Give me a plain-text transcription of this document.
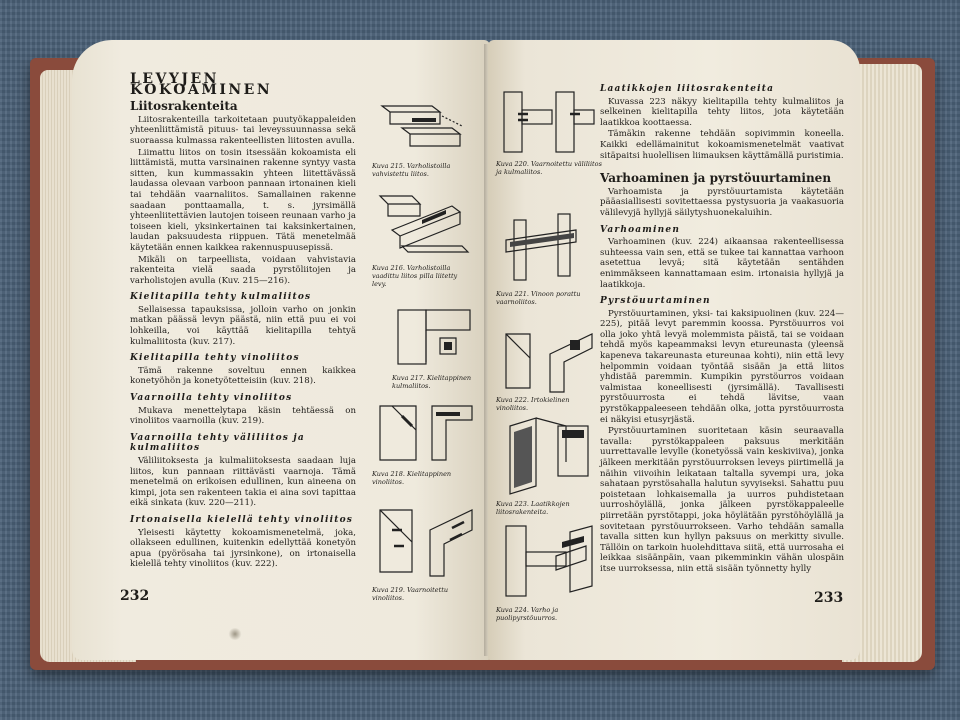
LEVYJEN KOKOAMINEN
Liitosrakenteita

Liitosrakenteilla tarkoitetaan puutyökappaleiden yhteenliittämistä pituus- tai leveyssuunnassa sekä suoraassa kulmassa rakenteellisten liitosten avulla.

Liimattu liitos on tosin itsessään kokoamista eli liittämistä, mutta varsinainen rakenne syntyy vasta sitten, kun kummassakin yhteen liitettävässä laudassa olevaan varboon pannaan irtonainen kieli tai tehdään vaarnaliitos. Samallainen rakenne saadaan ponttaamalla, t. s. jyrsimällä yhteenliitettävien lautojen toiseen reunaan varho ja toiseen kieli, yksinkertainen tai kaksinkertainen, laudan paksuudesta riippuen. Tätä menetelmää käytetään ennen kaikkea rakennuspuusepissä.

Mikäli on tarpeellista, voidaan vahvistavia rakenteita vielä saada pyrstöliitojen ja varholistojen avulla (Kuv. 215—216).

Kielitapilla tehty kulmaliitos

Sellaisessa tapauksissa, jolloin varho on jonkin matkan päässä levyn päästä, niin että puu ei voi lohkeilla, voi käyttää kielitapilla tehtyä kulmaliitosta (kuv. 217).

Kielitapilla tehty vinoliitos

Tämä rakenne soveltuu ennen kaikkea konetyöhön ja konetyötetteisiin (kuv. 218).

Vaarnoilla tehty vinoliitos

Mukava menettelytapa käsin tehtäessä on vinoliitos vaarnoilla (kuv. 219).

Vaarnoilla tehty väliliitos ja kulmaliitos

Väliliitoksesta ja kulmaliitoksesta saadaan luja liitos, kun pannaan riittävästi vaarnoja. Tämä menetelmä on erikoisen edullinen, kun aineena on kimpi, jota sen rakenteen takia ei aina sovi tapittaa eikä sinkata (kuv. 220—211).

Irtonaisella kielellä tehty vinoliitos

Yleisesti käytetty kokoamismenetelmä, joka, ollakseen edullinen, kuitenkin edellyttää konetyön apua (pyörösaha tai jyrsinkone), on irtonaisella kielellä tehty vinoliitos (kuv. 222).

Kuva 215. Varholistoilla vahvistettu liitos.
Kuva 216. Varholistoilla vaadittu liitos pilla liitetty levy.
Kuva 217. Kielitappinen kulmaliitos.
Kuva 218. Kielitappinen vinoliitos.
Kuva 219. Vaarnoitettu vinoliitos.
232
Kuva 220. Vaarnoitettu väliliitos ja kulmaliitos.
Kuva 221. Vinoon porattu vaarnoliitos.
Kuva 222. Irtokielinen vinoliitos.
Kuva 223. Laatikkojen liitosrakenteita.
Kuva 224. Varho ja puolipyrstöuurros.
Laatikkojen liitosrakenteita

Kuvassa 223 näkyy kielitapilla tehty kulmaliitos ja selkeinen kielitapilla tehty liitos, jota käytetään laatikkoa koottaessa.

Tämäkin rakenne tehdään sopivimmin koneella. Kaikki edellämainitut kokoamismenetelmät vaativat sitäpaitsi huolellisen liimauksen käyttämällä puristimia.

Varhoaminen ja pyrstöuurtaminen

Varhoamista ja pyrstöuurtamista käytetään pääasiallisesti sovitettaessa pystysuoria ja vaakasuoria välilevyjä hyllyjä säilytyshuonekaluihin.

Varhoaminen

Varhoaminen (kuv. 224) aikaansaa rakenteellisessa suhteessa vain sen, että se tukee tai kannattaa varhoon asetettua levyä; sitä käytetään sentähden enimmäkseen kannattamaan esim. irtonaisia hyllyjä ja laatikkoja.

Pyrstöuurtaminen

Pyrstöuurtaminen, yksi- tai kaksipuolinen (kuv. 224—225), pitää levyt paremmin koossa. Pyrstöuurros voi olla joko yhtä levyä molemmista päistä, tai se voidaan tehdä myös kapeammaksi levyn etureunasta (yleensä kapeneva takareunasta etureunaa kohti), niin että levy helpommin voidaan työntää sisään ja että liitos yhdistää paremmin. Kumpikin pyrstöurros voidaan valmistaa koneellisesti (jyrsimällä). Tavallisesti pyrstöuurrosta ei tehdä lävitse, vaan pyrstökappaleeseen tehdään olka, jotta pyrstöuurrosta ei näkyisi etusyrjästä.

Pyrstöuurtaminen suoritetaan käsin seuraavalla tavalla: pyrstökappaleen paksuus merkitään uurrettavalle levylle (konetyössä vain keskiviiva), jonka jälkeen merkitään pyrstöuurroksen leveys piirtimellä ja näihin viivoihin leikataan taltalla syvempi ura, joka sahataan pyrstösahalla halutun syvyiseksi. Sahattu puu poistetaan lohkaisemalla ja uurros puhdistetaan uurroshöylällä, jonka jälkeen pyrstökappaleelle piirretään pyrstötappi, joka höylätään pyrstöhöylällä ja sovitetaan pyrstöuurrokseen. Varho tehdään samalla tavalla sitten kun hyllyn paksuus on merkitty sivulle. Tällöin on tarkoin huolehdittava siitä, että uurrosaha ei leikkaa sisäänpäin, vaan pikemminkin vähän ulospäin itse uurroksessa, niin että sisään työnnetty hylly

233
